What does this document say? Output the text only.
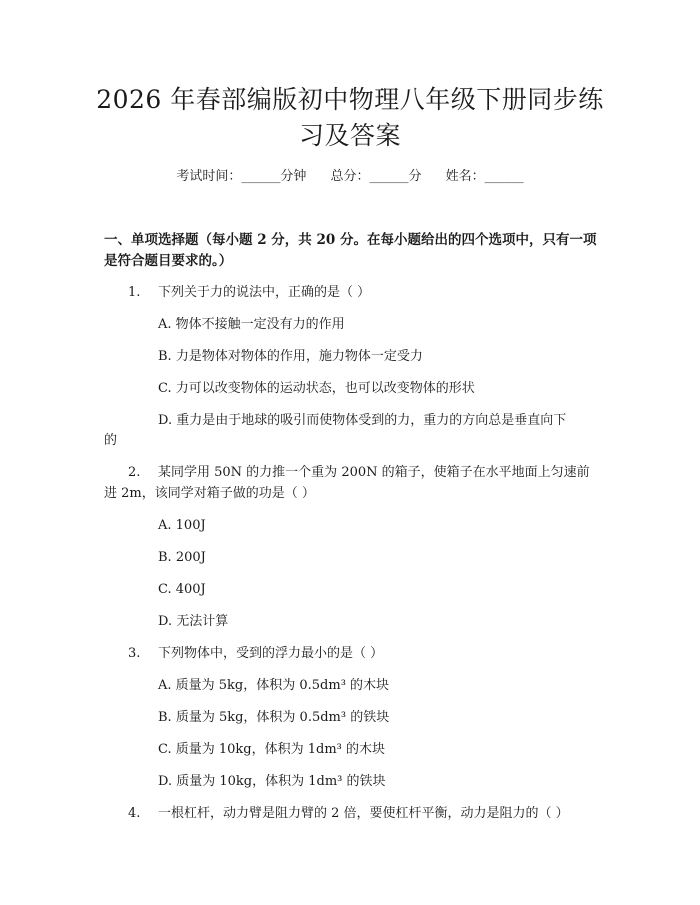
2026 年春部编版初中物理八年级下册同步练
习及答案
考试时间：______分钟 总分：______分 姓名：______

一、单项选择题（每小题 2 分，共 20 分。在每小题给出的四个选项中，只有一项是符合题目要求的。）

1. 下列关于力的说法中，正确的是（ ）
A. 物体不接触一定没有力的作用
B. 力是物体对物体的作用，施力物体一定受力
C. 力可以改变物体的运动状态，也可以改变物体的形状
D. 重力是由于地球的吸引而使物体受到的力，重力的方向总是垂直向下
的
2. 某同学用 50N 的力推一个重为 200N 的箱子，使箱子在水平地面上匀速前
进 2m，该同学对箱子做的功是（ ）
A. 100J
B. 200J
C. 400J
D. 无法计算
3. 下列物体中，受到的浮力最小的是（ ）
A. 质量为 5kg，体积为 0.5dm³ 的木块
B. 质量为 5kg，体积为 0.5dm³ 的铁块
C. 质量为 10kg，体积为 1dm³ 的木块
D. 质量为 10kg，体积为 1dm³ 的铁块
4. 一根杠杆，动力臂是阻力臂的 2 倍，要使杠杆平衡，动力是阻力的（ ）
